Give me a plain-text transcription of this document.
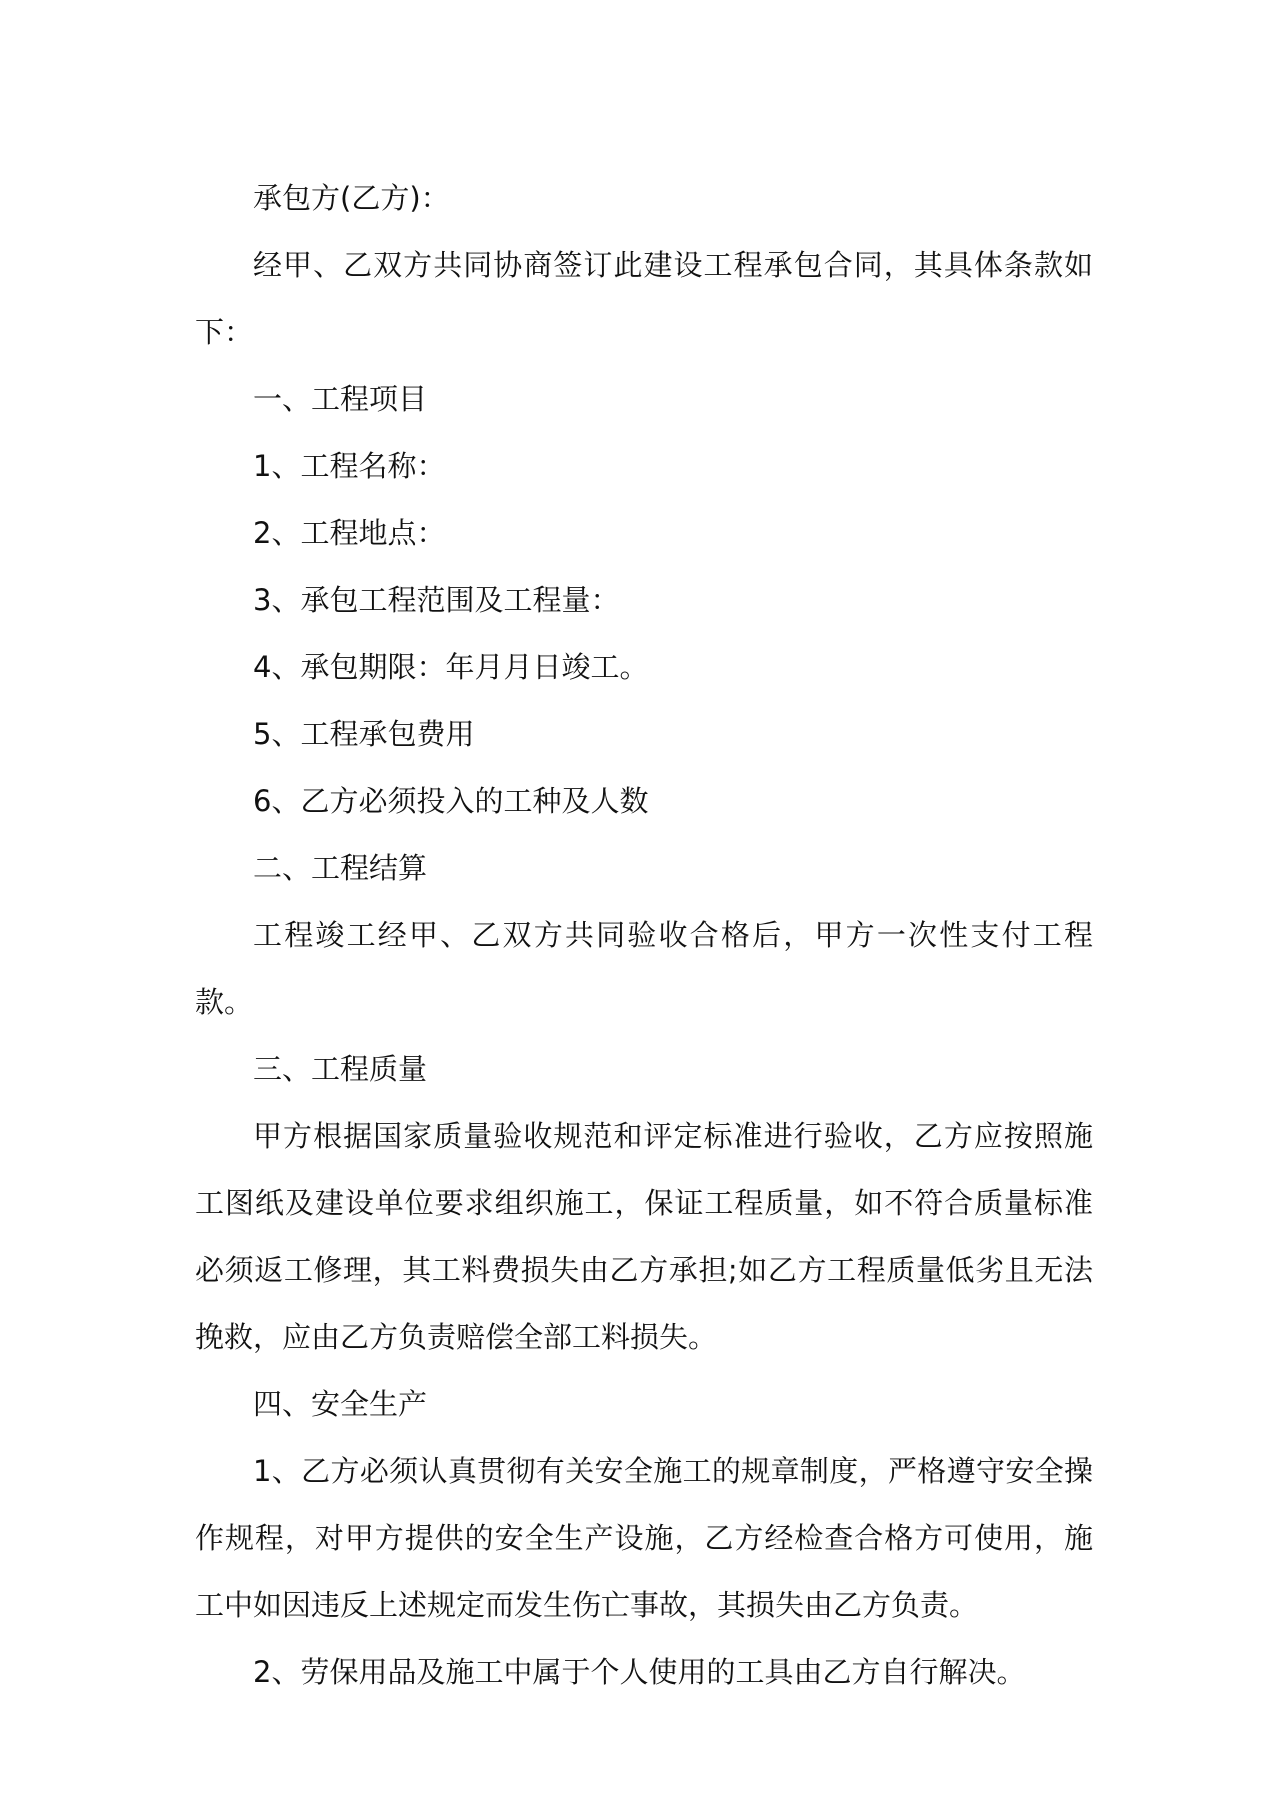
承包方(乙方)：

经甲、乙双方共同协商签订此建设工程承包合同，其具体条款如下：

一、工程项目

1、工程名称：

2、工程地点：

3、承包工程范围及工程量：

4、承包期限：年月月日竣工。

5、工程承包费用

6、乙方必须投入的工种及人数

二、工程结算

工程竣工经甲、乙双方共同验收合格后，甲方一次性支付工程款。

三、工程质量

甲方根据国家质量验收规范和评定标准进行验收，乙方应按照施工图纸及建设单位要求组织施工，保证工程质量，如不符合质量标准必须返工修理，其工料费损失由乙方承担;如乙方工程质量低劣且无法挽救，应由乙方负责赔偿全部工料损失。

四、安全生产

1、乙方必须认真贯彻有关安全施工的规章制度，严格遵守安全操作规程，对甲方提供的安全生产设施，乙方经检查合格方可使用，施工中如因违反上述规定而发生伤亡事故，其损失由乙方负责。

2、劳保用品及施工中属于个人使用的工具由乙方自行解决。
